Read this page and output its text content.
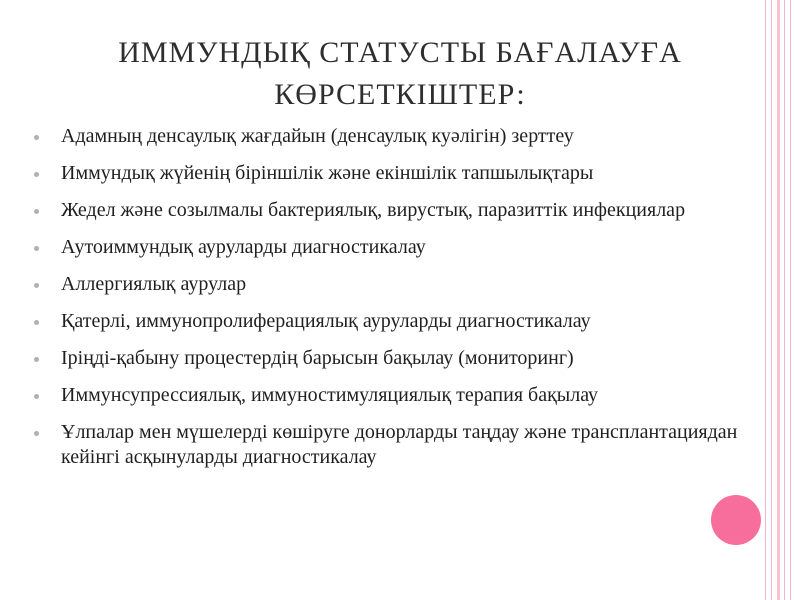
ИММУНДЫҚ СТАТУСТЫ БАҒАЛАУҒА
КӨРСЕТКІШТЕР:
Адамның денсаулық жағдайын (денсаулық куәлігін) зерттеу
Иммундық жүйенің біріншілік және екіншілік тапшылықтары
Жедел және созылмалы бактериялық, вирустық, паразиттік инфекциялар
Аутоиммундық ауруларды диагностикалау
Аллергиялық аурулар
Қатерлі, иммунопролиферациялық ауруларды диагностикалау
Іріңді-қабыну процестердің барысын бақылау (мониторинг)
Иммунсупрессиялық, иммуностимуляциялық терапия бақылау
Ұлпалар мен мүшелерді көшіруге донорларды таңдау және трансплантациядан кейінгі асқынуларды диагностикалау
